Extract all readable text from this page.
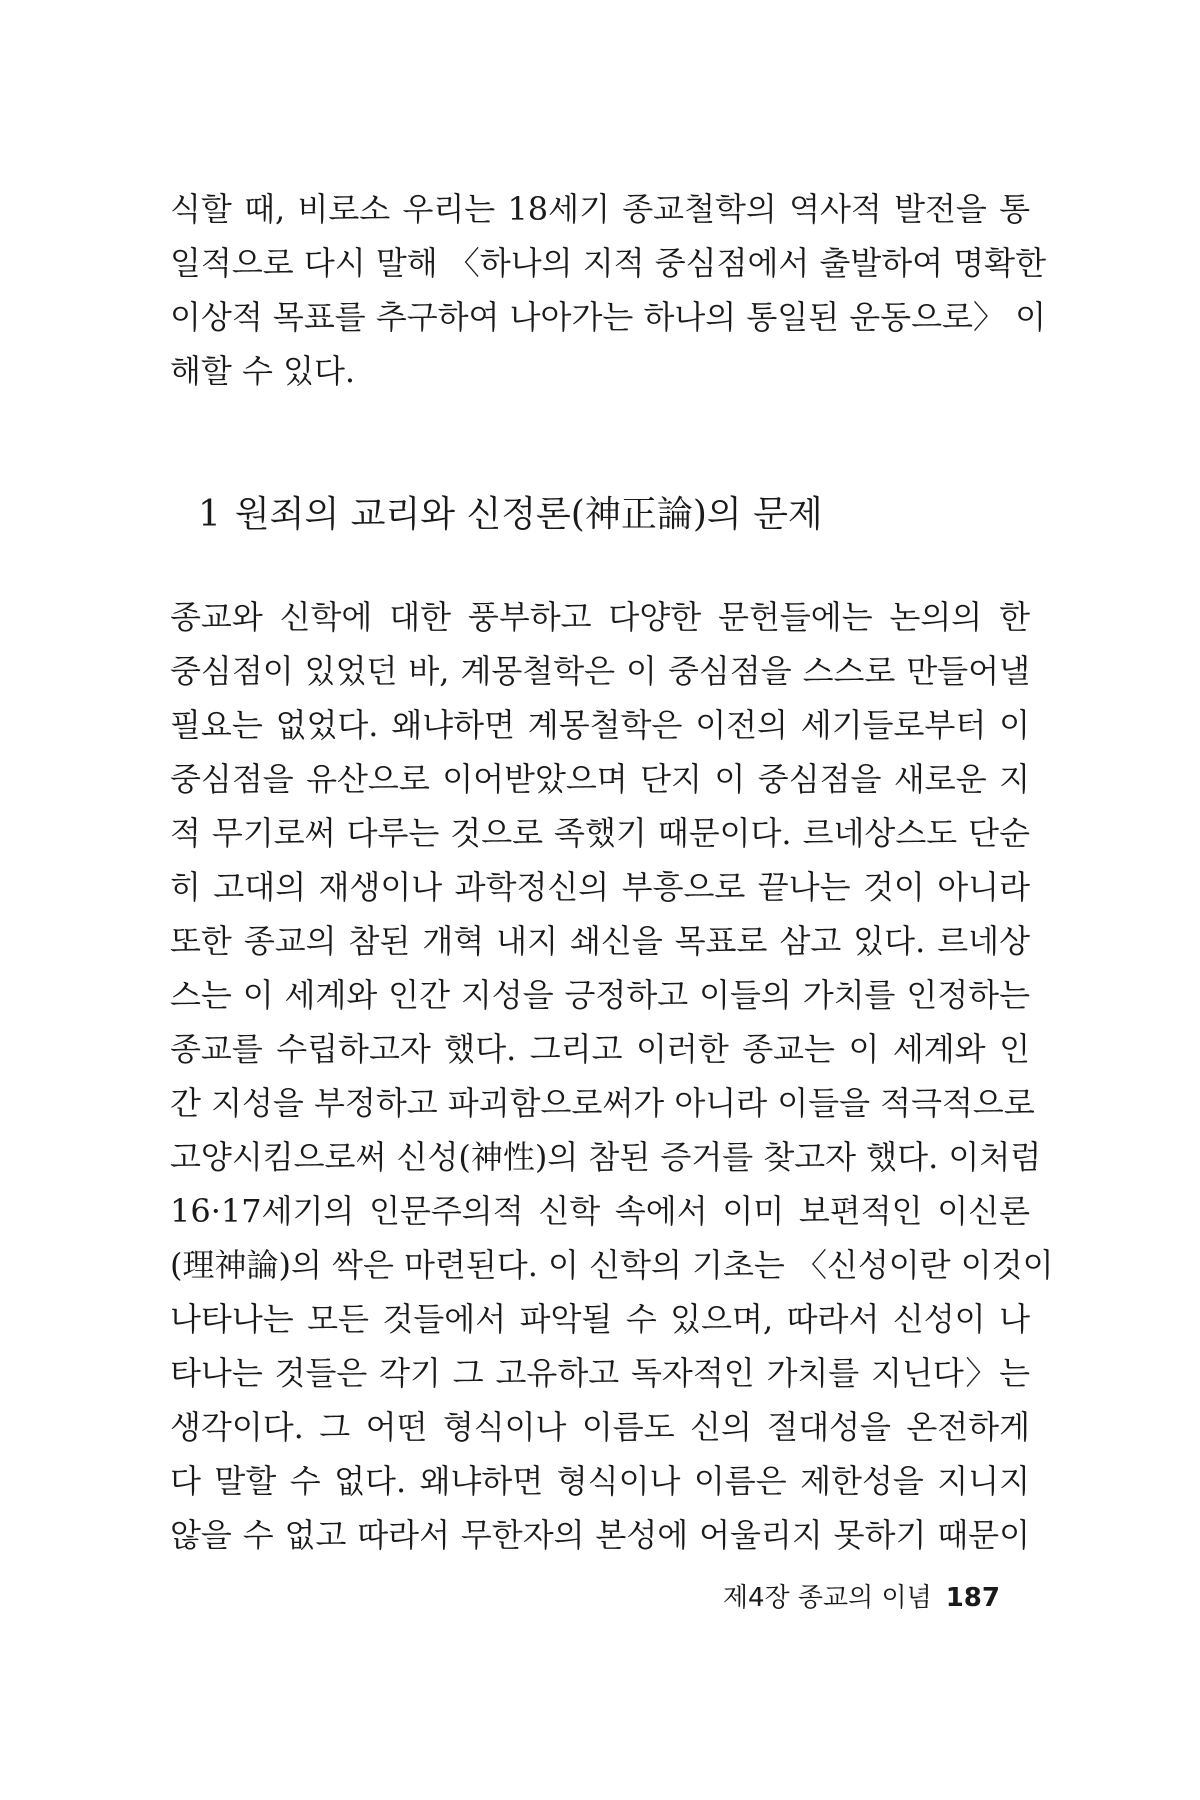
식할 때, 비로소 우리는 18세기 종교철학의 역사적 발전을 통
일적으로 다시 말해 〈하나의 지적 중심점에서 출발하여 명확한
이상적 목표를 추구하여 나아가는 하나의 통일된 운동으로〉 이
해할 수 있다.
1 원죄의 교리와 신정론(神正論)의 문제
종교와 신학에 대한 풍부하고 다양한 문헌들에는 논의의 한
중심점이 있었던 바, 계몽철학은 이 중심점을 스스로 만들어낼
필요는 없었다. 왜냐하면 계몽철학은 이전의 세기들로부터 이
중심점을 유산으로 이어받았으며 단지 이 중심점을 새로운 지
적 무기로써 다루는 것으로 족했기 때문이다. 르네상스도 단순
히 고대의 재생이나 과학정신의 부흥으로 끝나는 것이 아니라
또한 종교의 참된 개혁 내지 쇄신을 목표로 삼고 있다. 르네상
스는 이 세계와 인간 지성을 긍정하고 이들의 가치를 인정하는
종교를 수립하고자 했다. 그리고 이러한 종교는 이 세계와 인
간 지성을 부정하고 파괴함으로써가 아니라 이들을 적극적으로
고양시킴으로써 신성(神性)의 참된 증거를 찾고자 했다. 이처럼
16·17세기의 인문주의적 신학 속에서 이미 보편적인 이신론
(理神論)의 싹은 마련된다. 이 신학의 기초는 〈신성이란 이것이
나타나는 모든 것들에서 파악될 수 있으며, 따라서 신성이 나
타나는 것들은 각기 그 고유하고 독자적인 가치를 지닌다〉는
생각이다. 그 어떤 형식이나 이름도 신의 절대성을 온전하게
다 말할 수 없다. 왜냐하면 형식이나 이름은 제한성을 지니지
않을 수 없고 따라서 무한자의 본성에 어울리지 못하기 때문이
제4장 종교의 이념 187
